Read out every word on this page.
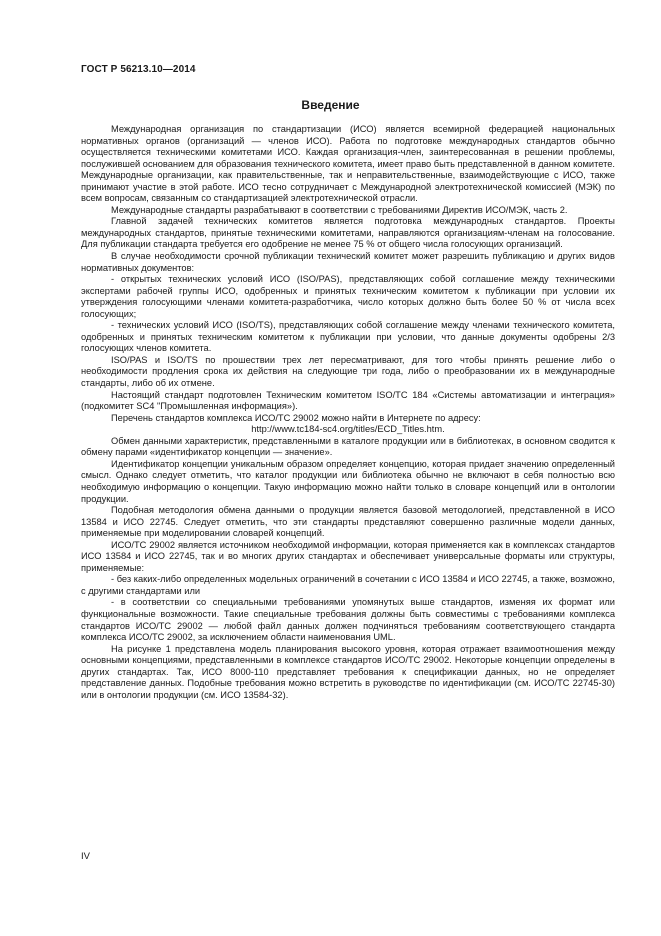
ГОСТ Р 56213.10—2014
Введение

Международная организация по стандартизации (ИСО) является всемирной федерацией национальных нормативных органов (организаций — членов ИСО). Работа по подготовке международных стандартов обычно осуществляется техническими комитетами ИСО. Каждая организация-член, заинтересованная в решении проблемы, послужившей основанием для образования технического комитета, имеет право быть представленной в данном комитете. Международные организации, как правительственные, так и неправительственные, взаимодействующие с ИСО, также принимают участие в этой работе. ИСО тесно сотрудничает с Международной электротехнической комиссией (МЭК) по всем вопросам, связанным со стандартизацией электротехнической отрасли.

Международные стандарты разрабатывают в соответствии с требованиями Директив ИСО/МЭК, часть 2.

Главной задачей технических комитетов является подготовка международных стандартов. Проекты международных стандартов, принятые техническими комитетами, направляются организациям-членам на голосование. Для публикации стандарта требуется его одобрение не менее 75 % от общего числа голосующих организаций.

В случае необходимости срочной публикации технический комитет может разрешить публикацию и других видов нормативных документов:

- открытых технических условий ИСО (ISO/PAS), представляющих собой соглашение между техническими экспертами рабочей группы ИСО, одобренных и принятых техническим комитетом к публикации при условии их утверждения голосующими членами комитета-разработчика, число которых должно быть более 50 % от числа всех голосующих;

- технических условий ИСО (ISO/TS), представляющих собой соглашение между членами технического комитета, одобренных и принятых техническим комитетом к публикации при условии, что данные документы одобрены 2/3 голосующих членов комитета.

ISO/PAS и ISO/TS по прошествии трех лет пересматривают, для того чтобы принять решение либо о необходимости продления срока их действия на следующие три года, либо о преобразовании их в международные стандарты, либо об их отмене.

Настоящий стандарт подготовлен Техническим комитетом ISO/TC 184 «Системы автоматизации и интеграция» (подкомитет SC4 "Промышленная информация»).

Перечень стандартов комплекса ИСО/ТС 29002 можно найти в Интернете по адресу:

http://www.tc184-sc4.org/titles/ECD_Titles.htm.

Обмен данными характеристик, представленными в каталоге продукции или в библиотеках, в основном сводится к обмену парами «идентификатор концепции — значение».

Идентификатор концепции уникальным образом определяет концепцию, которая придает значению определенный смысл. Однако следует отметить, что каталог продукции или библиотека обычно не включают в себя полностью всю необходимую информацию о концепции. Такую информацию можно найти только в словаре концепций или в онтологии продукции.

Подобная методология обмена данными о продукции является базовой методологией, представленной в ИСО 13584 и ИСО 22745. Следует отметить, что эти стандарты представляют совершенно различные модели данных, применяемые при моделировании словарей концепций.

ИСО/ТС 29002 является источником необходимой информации, которая применяется как в комплексах стандартов ИСО 13584 и ИСО 22745, так и во многих других стандартах и обеспечивает универсальные форматы или структуры, применяемые:

- без каких-либо определенных модельных ограничений в сочетании с ИСО 13584 и ИСО 22745, а также, возможно, с другими стандартами или

- в соответствии со специальными требованиями упомянутых выше стандартов, изменяя их формат или функциональные возможности. Такие специальные требования должны быть совместимы с требованиями комплекса стандартов ИСО/ТС 29002 — любой файл данных должен подчиняться требованиям соответствующего стандарта комплекса ИСО/ТС 29002, за исключением области наименования UML.

На рисунке 1 представлена модель планирования высокого уровня, которая отражает взаимоотношения между основными концепциями, представленными в комплексе стандартов ИСО/ТС 29002. Некоторые концепции определены в других стандартах. Так, ИСО 8000-110 представляет требования к спецификации данных, но не определяет представление данных. Подобные требования можно встретить в руководстве по идентификации (см. ИСО/ТС 22745-30) или в онтологии продукции (см. ИСО 13584-32).

IV
